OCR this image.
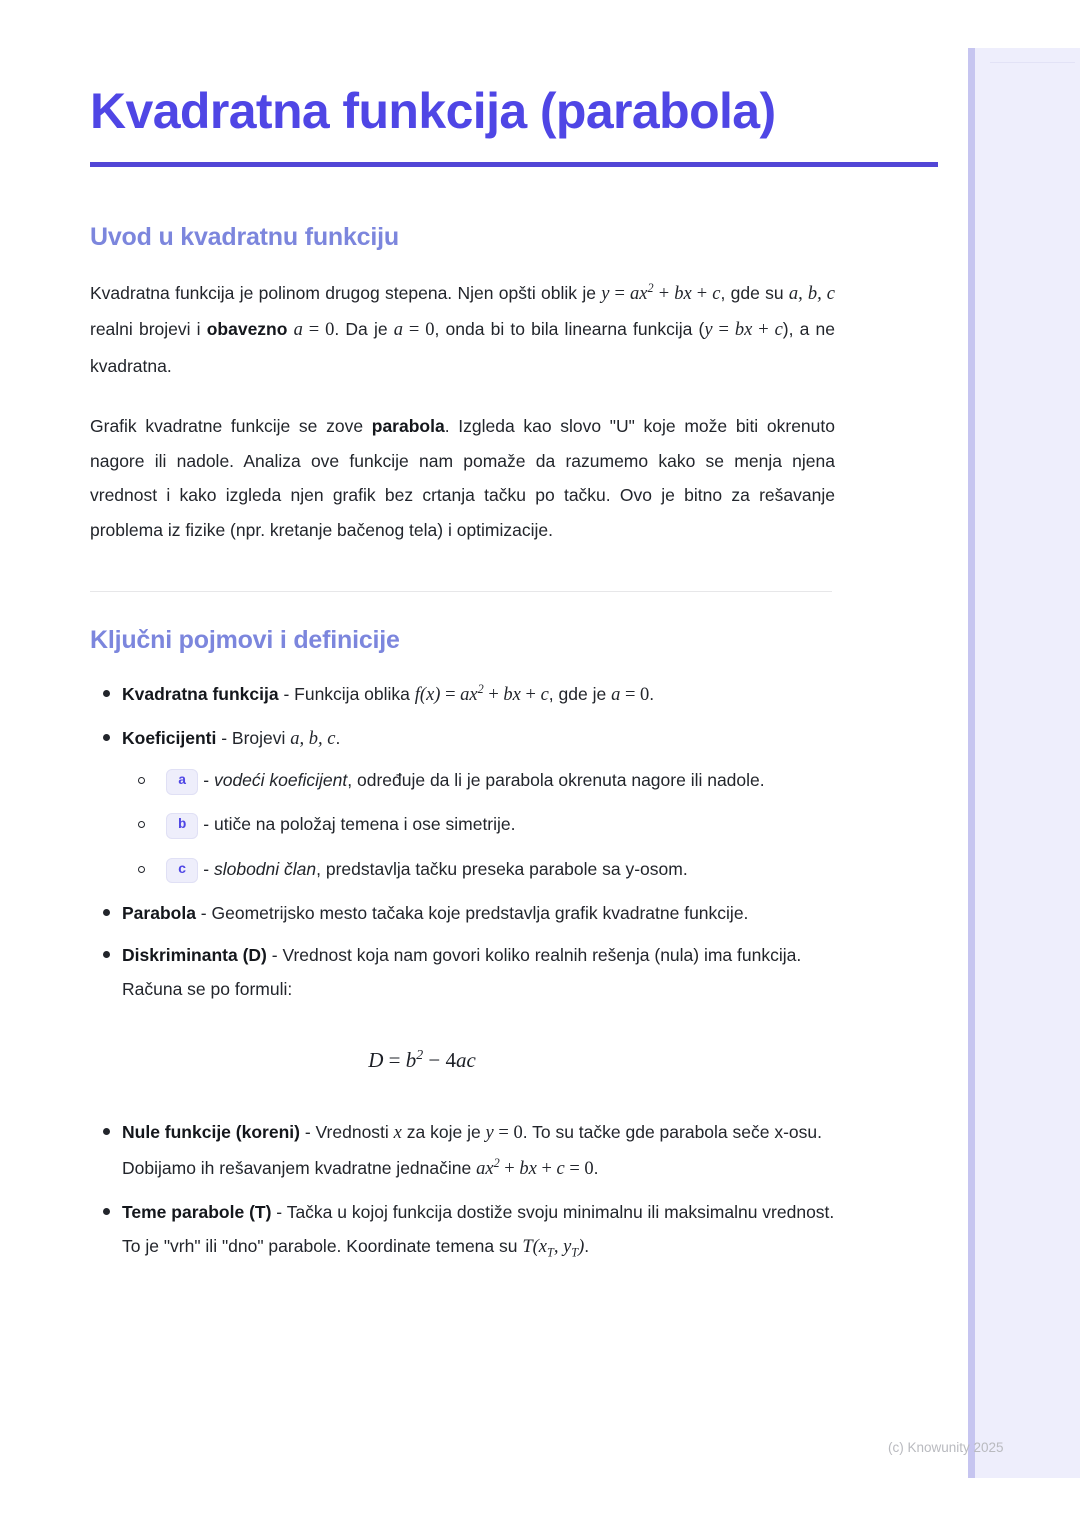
Kvadratna funkcija (parabola)
Uvod u kvadratnu funkciju

Kvadratna funkcija je polinom drugog stepena. Njen opšti oblik je $y = ax^2$ + bx + c, gde su a, b, c realni brojevi i obavezno a = 0. Da je a = 0, onda bi to bila linearna funkcija (y = bx + c), a ne kvadratna.

Grafik kvadratne funkcije se zove parabola. Izgleda kao slovo "U" koje može biti okrenuto nagore ili nadole. Analiza ove funkcije nam pomaže da razumemo kako se menja njena vrednost i kako izgleda njen grafik bez crtanja tačku po tačku. Ovo je bitno za rešavanje problema iz fizike (npr. kretanje bačenog tela) i optimizacije.

Ključni pojmovi i definicije
Kvadratna funkcija - Funkcija oblika $f(x) = ax^2$ + bx + c, gde je a = 0.
Koeficijenti - Brojevi a, b, c.
a - vodeći koeficijent, određuje da li je parabola okrenuta nagore ili nadole.
b - utiče na položaj temena i ose simetrije.
c - slobodni član, predstavlja tačku preseka parabole sa y-osom.
Parabola - Geometrijsko mesto tačaka koje predstavlja grafik kvadratne funkcije.
Diskriminanta (D) - Vrednost koja nam govori koliko realnih rešenja (nula) ima funkcija. Računa se po formuli:
$D = b^2 - 4ac$
Nule funkcije (koreni) - Vrednosti x za koje je y = 0. To su tačke gde parabola seče x-osu. Dobijamo ih rešavanjem kvadratne jednačine $ax^2$ + bx + c = 0.
Teme parabole (T) - Tačka u kojoj funkcija dostiže svoju minimalnu ili maksimalnu vrednost. To je "vrh" ili "dno" parabole. Koordinate temena su $T(x_T$, $y_T$).
(c) Knowunity 2025
